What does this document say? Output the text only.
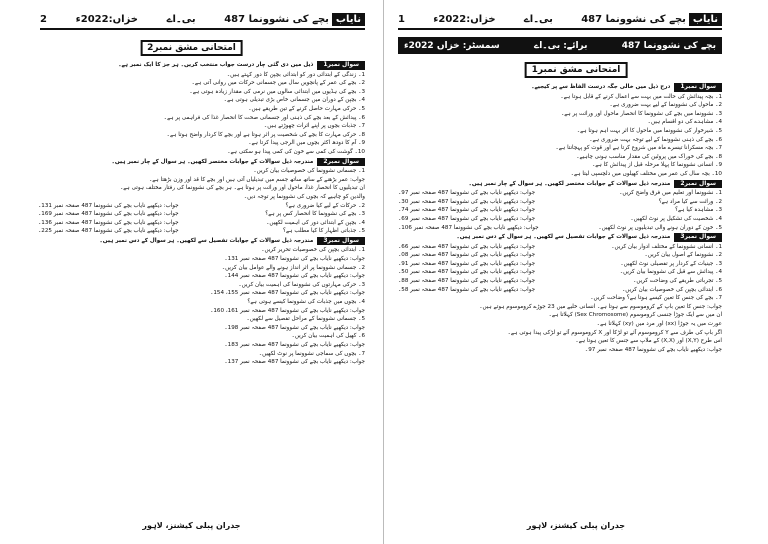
نایاب
بچے کی نشوونما 487
بی۔اے
خزاں:2022ء
2
امتحانی مشق نمبر2
سوال نمبر1
ذیل میں دی گئی چار درست جواب منتخب کریں۔ ہر جز کا ایک نمبر ہے۔
1۔ زندگی کے ابتدائی دور کو ابتدائی بچپن کا دور کہتے ہیں۔
2۔ بچے کی عمر کے پانچویں سال میں جسمانی حرکات میں روانی آتی ہے۔
3۔ بچے کی ہڈیوں میں ابتدائی سالوں میں نرمی کی مقدار زیادہ ہوتی ہے۔
4۔ بچپن کے دوران میں جسمانی خاص بڑی تبدیلی ہوتی ہے۔
5۔ حرکی مہارت حاصل کرنے کے تین طریقے ہیں۔
6۔ پیدائش کے بعد بچے کی ذہنی اور جسمانی صحت کا انحصار غذا کی فراہمی پر ہے۔
7۔ جذبات بچوں پر اپنے اثرات چھوڑتے ہیں۔
8۔ حرکی مہارت کا بچے کی شخصیت پر اثر ہوتا ہے اور بچے کا کردار واضح ہوتا ہے۔
9۔ آم کا دودھ اکثر بچوں میں الرجی پیدا کرتا ہے۔
10۔ گوشت کی کمی سے خون کی کمی پیدا ہو سکتی ہے۔
سوال نمبر2
مندرجہ ذیل سوالات کے جوابات مختصر لکھیں۔ ہر سوال کے چار نمبر ہیں۔
1۔ جسمانی نشوونما کی خصوصیات بیان کریں۔
جواب: عمر بڑھنے کے ساتھ ساتھ جسم میں تبدیلیاں آتی ہیں اور بچے کا قد اور وزن بڑھتا ہے۔
ان تبدیلیوں کا انحصار غذا، ماحول اور وراثت پر ہوتا ہے۔ ہر بچے کی نشوونما کی رفتار مختلف ہوتی ہے۔
والدین کو چاہیے کہ بچوں کی نشوونما پر توجہ دیں۔
2۔ حرکات کے لیے کیا ضروری ہے؟
جواب: دیکھیے نایاب بچے کی نشوونما 487 صفحہ نمبر 131۔
3۔ بچے کی نشوونما کا انحصار کس پر ہے؟
جواب: دیکھیے نایاب بچے کی نشوونما 487 صفحہ نمبر 169۔
4۔ بچپن کے ابتدائی دور کی اہمیت لکھیں۔
جواب: دیکھیے نایاب بچے کی نشوونما 487 صفحہ نمبر 136۔
5۔ جذباتی اظہار کا کیا مطلب ہے؟
جواب: دیکھیے نایاب بچے کی نشوونما 487 صفحہ نمبر 225۔
سوال نمبر3
مندرجہ ذیل سوالات کے جوابات تفصیل سے لکھیں۔ ہر سوال کے دس نمبر ہیں۔
1۔ ابتدائی بچپن کی خصوصیات تحریر کریں۔
جواب: دیکھیے نایاب بچے کی نشوونما 487 صفحہ نمبر 131۔
2۔ جسمانی نشوونما پر اثر انداز ہونے والے عوامل بیان کریں۔
جواب: دیکھیے نایاب بچے کی نشوونما 487 صفحہ نمبر 144۔
3۔ حرکی مہارتوں کی نشوونما کی اہمیت بیان کریں۔
جواب: دیکھیے نایاب بچے کی نشوونما 487 صفحہ نمبر 155، 154۔
4۔ بچوں میں جذبات کی نشوونما کیسے ہوتی ہے؟
جواب: دیکھیے نایاب بچے کی نشوونما 487 صفحہ نمبر 161، 160۔
5۔ جسمانی نشوونما کے مراحل تفصیل سے لکھیں۔
جواب: دیکھیے نایاب بچے کی نشوونما 487 صفحہ نمبر 198۔
6۔ کھیل کی اہمیت بیان کریں۔
جواب: دیکھیے نایاب بچے کی نشوونما 487 صفحہ نمبر 183۔
7۔ بچوں کی سماجی نشوونما پر نوٹ لکھیں۔
جواب: دیکھیے نایاب بچے کی نشوونما 487 صفحہ نمبر 137۔
جدران پبلی کیشنز، لاہور
نایاب
بچے کی نشوونما 487
بی۔اے
خزاں:2022ء
1
بچے کی نشوونما 487
برائے: بی۔اے
سمسٹر: خزاں 2022ء
امتحانی مشق نمبر1
سوال نمبر1
درج ذیل میں خالی جگہ درست الفاظ سے پر کیجیے۔
1۔ بچہ پیدائش کی حالت میں بہت سے اعمال کرنے کے قابل ہوتا ہے۔
2۔ ماحول کی نشوونما کے لیے بہت ضروری ہے۔
3۔ نشوونما میں بچے کی نشوونما کا انحصار ماحول اور وراثت پر ہے۔
4۔ مشاہدے کی دو اقسام ہیں۔
5۔ شیرخوار کی نشوونما میں ماحول کا اثر بہت اہم ہوتا ہے۔
6۔ بچے کی ذہنی نشوونما کے لیے توجہ بہت ضروری ہے۔
7۔ بچہ مسکرانا تیسرے ماہ میں شروع کرتا ہے اور قوت کو پہچانتا ہے۔
8۔ بچے کی خوراک میں پروٹین کی مقدار مناسب ہونی چاہیے۔
9۔ انسانی نشوونما کا پہلا مرحلہ قبل از پیدائش کا ہے۔
10۔ بچہ سال کی عمر میں مختلف کھیلوں میں دلچسپی لیتا ہے۔
سوال نمبر2
مندرجہ ذیل سوالات کے جوابات مختصر لکھیں۔ ہر سوال کے چار نمبر ہیں۔
1۔ نشوونما اور تعلیم میں فرق واضح کریں۔
جواب: دیکھیے نایاب بچے کی نشوونما 487 صفحہ نمبر 97۔
2۔ وراثت سے کیا مراد ہے؟
جواب: دیکھیے نایاب بچے کی نشوونما 487 صفحہ نمبر 30۔
3۔ مشاہدہ کیا ہے؟
جواب: دیکھیے نایاب بچے کی نشوونما 487 صفحہ نمبر 74۔
4۔ شخصیت کی تشکیل پر نوٹ لکھیں۔
جواب: دیکھیے نایاب بچے کی نشوونما 487 صفحہ نمبر 69۔
5۔ خون کے دوران ہونے والی تبدیلیوں پر نوٹ لکھیں۔
جواب: دیکھیے نایاب بچے کی نشوونما 487 صفحہ نمبر 106۔
سوال نمبر3
مندرجہ ذیل سوالات کے جوابات تفصیل سے لکھیں۔ ہر سوال کے دس نمبر ہیں۔
1۔ انسانی نشوونما کے مختلف ادوار بیان کریں۔
جواب: دیکھیے نایاب بچے کی نشوونما 487 صفحہ نمبر 66۔
2۔ نشوونما کے اصول بیان کریں۔
جواب: دیکھیے نایاب بچے کی نشوونما 487 صفحہ نمبر 08۔
3۔ جینیات کے کردار پر تفصیلی نوٹ لکھیں۔
جواب: دیکھیے نایاب بچے کی نشوونما 487 صفحہ نمبر 91۔
4۔ پیدائش سے قبل کی نشوونما بیان کریں۔
جواب: دیکھیے نایاب بچے کی نشوونما 487 صفحہ نمبر 50۔
5۔ تجرباتی طریقے کی وضاحت کریں۔
جواب: دیکھیے نایاب بچے کی نشوونما 487 صفحہ نمبر 88۔
6۔ ابتدائی بچپن کی خصوصیات بیان کریں۔
جواب: دیکھیے نایاب بچے کی نشوونما 487 صفحہ نمبر 58۔
7۔ بچے کی جنس کا تعین کیسے ہوتا ہے؟ وضاحت کریں۔
جواب: جنس کا تعین باپ کے کروموسوم سے ہوتا ہے۔ انسانی خلیے میں 23 جوڑے کروموسوم ہوتے ہیں۔
ان میں سے ایک جوڑا جنسی کروموسوم (Sex Chromosome) کہلاتا ہے۔
عورت میں یہ جوڑا (xx) اور مرد میں (xy) کہلاتا ہے۔
اگر باپ کی طرف سے Y کروموسوم آئے تو لڑکا اور X کروموسوم آئے تو لڑکی پیدا ہوتی ہے۔
اس طرح (X,Y) اور (X,X) کے ملاپ سے جنس کا تعین ہوتا ہے۔
جواب: دیکھیے نایاب بچے کی نشوونما 487 صفحہ نمبر 97۔
جدران پبلی کیشنز، لاہور
